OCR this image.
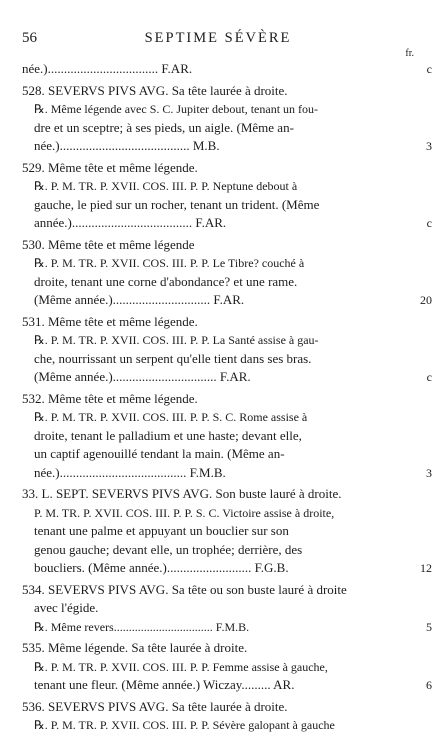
56	SEPTIME SÉVÈRE
fr.
née.).................................. F.AR.	c
528. SEVERVS PIVS AVG. Sa tête laurée à droite.
℞. Même légende avec S. C. Jupiter debout, tenant un fou-
dre et un sceptre; à ses pieds, un aigle. (Même an-
née.)........................................ M.B.	3
529. Même tête et même légende.
℞. P. M. TR. P. XVII. COS. III. P. P. Neptune debout à
gauche, le pied sur un rocher, tenant un trident. (Même
année.)..................................... F.AR.	c
530. Même tête et même légende
℞. P. M. TR. P. XVII. COS. III. P. P. Le Tibre? couché à
droite, tenant une corne d'abondance? et une rame.
(Même année.).............................. F.AR.	20
531. Même tête et même légende.
℞. P. M. TR. P. XVII. COS. III. P. P. La Santé assise à gau-
che, nourrissant un serpent qu'elle tient dans ses bras.
(Même année.)................................ F.AR.	c
532. Même tête et même légende.
℞. P. M. TR. P. XVII. COS. III. P. P. S. C. Rome assise à
droite, tenant le palladium et une haste; devant elle,
un captif agenouillé tendant la main. (Même an-
née.)....................................... F.M.B.	3
33. L. SEPT. SEVERVS PIVS AVG. Son buste lauré à droite.
P. M. TR. P. XVII. COS. III. P. P. S. C. Victoire assise à droite,
tenant une palme et appuyant un bouclier sur son
genou gauche; devant elle, un trophée; derrière, des
boucliers. (Même année.).......................... F.G.B.	12
534. SEVERVS PIVS AVG. Sa tête ou son buste lauré à droite
avec l'égide.
℞. Même revers................................. F.M.B.	5
535. Même légende. Sa tête laurée à droite.
℞. P. M. TR. P. XVII. COS. III. P. P. Femme assise à gauche,
tenant une fleur. (Même année.) Wiczay......... AR.	6
536. SEVERVS PIVS AVG. Sa tête laurée à droite.
℞. P. M. TR. P. XVII. COS. III. P. P. Sévère galopant à gauche
